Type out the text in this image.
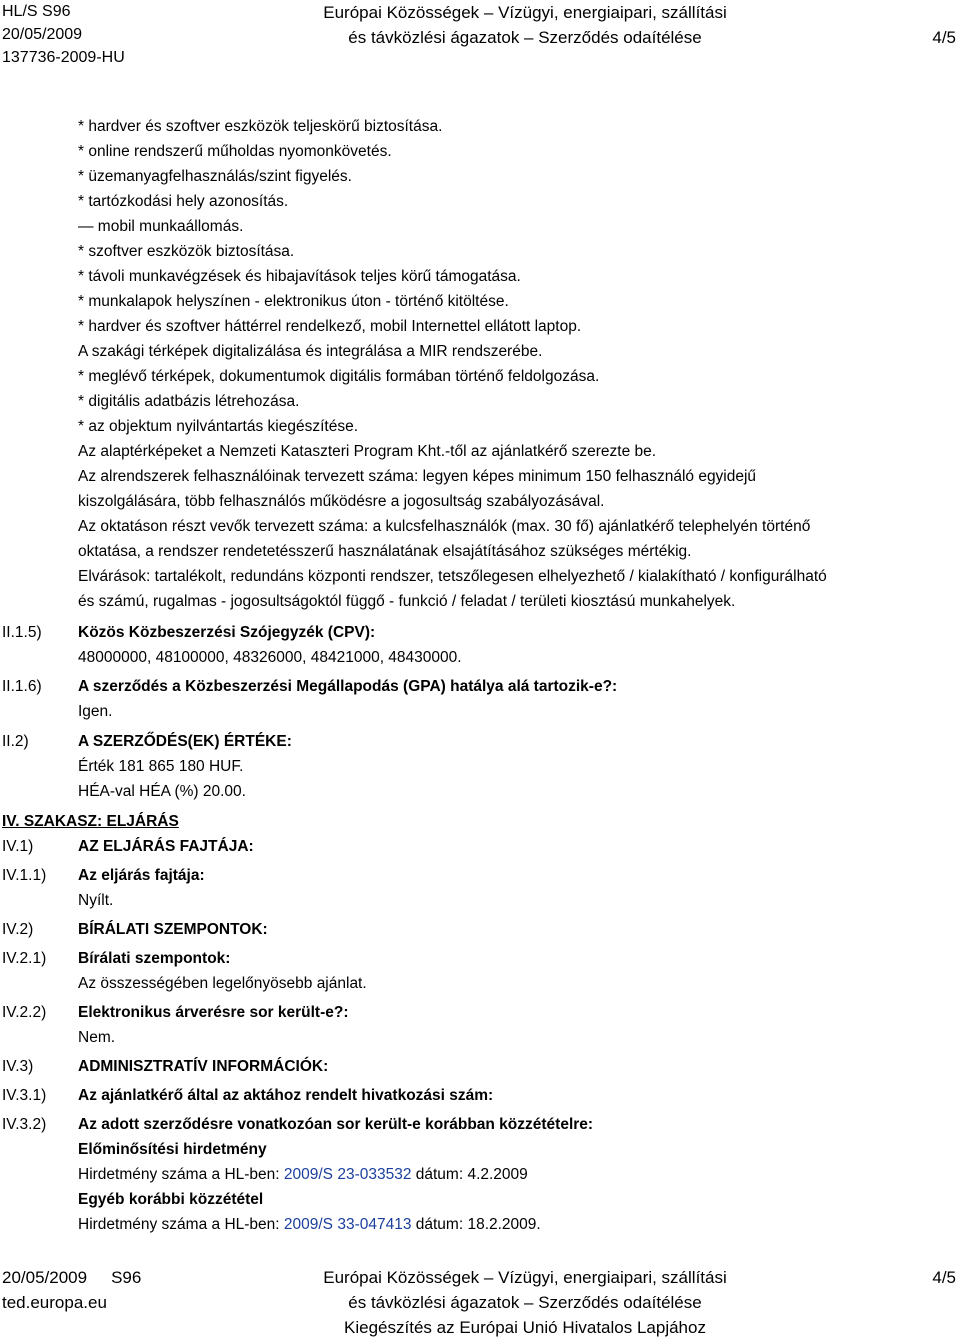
HL/S S96
20/05/2009
137736-2009-HU
Európai Közösségek – Vízügyi, energiaipari, szállítási
és távközlési ágazatok – Szerződés odaítélése	4/5
* hardver és szoftver eszközök teljeskörű biztosítása.
* online rendszerű műholdas nyomonkövetés.
* üzemanyagfelhasználás/szint figyelés.
* tartózkodási hely azonosítás.
— mobil munkaállomás.
* szoftver eszközök biztosítása.
* távoli munkavégzések és hibajavítások teljes körű támogatása.
* munkalapok helyszínen - elektronikus úton - történő kitöltése.
* hardver és szoftver háttérrel rendelkező, mobil Internettel ellátott laptop.
A szakági térképek digitalizálása és integrálása a MIR rendszerébe.
* meglévő térképek, dokumentumok digitális formában történő feldolgozása.
* digitális adatbázis létrehozása.
* az objektum nyilvántartás kiegészítése.
Az alaptérképeket a Nemzeti Kataszteri Program Kht.-től az ajánlatkérő szerezte be.
Az alrendszerek felhasználóinak tervezett száma: legyen képes minimum 150 felhasználó egyidejű
kiszolgálására, több felhasználós működésre a jogosultság szabályozásával.
Az oktatáson részt vevők tervezett száma: a kulcsfelhasználók (max. 30 fő) ajánlatkérő telephelyén történő
oktatása, a rendszer rendetetésszerű használatának elsajátításához szükséges mértékig.
Elvárások: tartalékolt, redundáns központi rendszer, tetszőlegesen elhelyezhető / kialakítható / konfigurálható
és számú, rugalmas - jogosultságoktól függő - funkció / feladat / területi kiosztású munkahelyek.
II.1.5) Közös Közbeszerzési Szójegyzék (CPV):
48000000, 48100000, 48326000, 48421000, 48430000.
II.1.6) A szerződés a Közbeszerzési Megállapodás (GPA) hatálya alá tartozik-e?:
Igen.
II.2)	A SZERZŐDÉS(EK) ÉRTÉKE:
Érték 181 865 180 HUF.
HÉA-val HÉA (%) 20.00.
IV. SZAKASZ: ELJÁRÁS
IV.1)	AZ ELJÁRÁS FAJTÁJA:
IV.1.1) Az eljárás fajtája:
Nyílt.
IV.2)	BÍRÁLATI SZEMPONTOK:
IV.2.1) Bírálati szempontok:
Az összességében legelőnyösebb ajánlat.
IV.2.2) Elektronikus árverésre sor került-e?:
Nem.
IV.3)	ADMINISZTRATÍV INFORMÁCIÓK:
IV.3.1) Az ajánlatkérő által az aktához rendelt hivatkozási szám:
IV.3.2) Az adott szerződésre vonatkozóan sor került-e korábban közzétételre:
Előminősítési hirdetmény
Hirdetmény száma a HL-ben: 2009/S 23-033532 dátum: 4.2.2009
Egyéb korábbi közzététel
Hirdetmény száma a HL-ben: 2009/S 33-047413 dátum: 18.2.2009.
20/05/2009 S96
ted.europa.eu
Európai Közösségek – Vízügyi, energiaipari, szállítási
és távközlési ágazatok – Szerződés odaítélése
Kiegészítés az Európai Unió Hivatalos Lapjához
4/5
